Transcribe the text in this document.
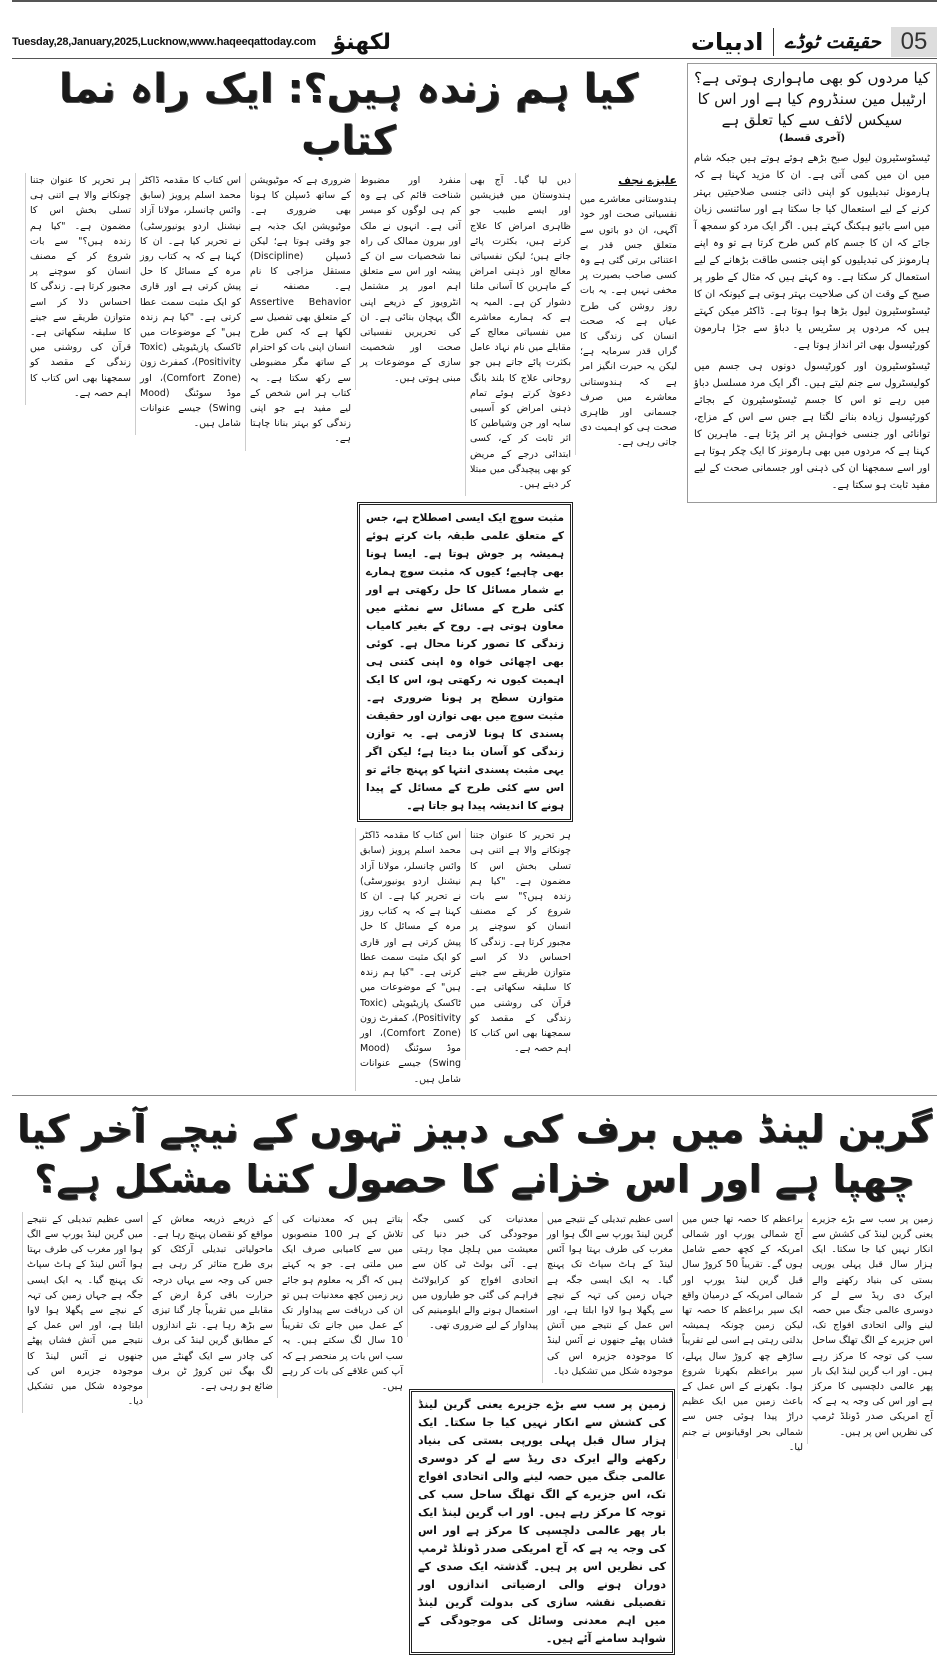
Tuesday,28,January,2025,Lucknow,www.haqeeqattoday.com لکھنؤ	ادبیات حقیقت ٹوڈے 05
کیا مردوں کو بھی ماہواری ہوتی ہے؟ ارٹیبل مین سنڈروم کیا ہے اور اس کا سیکس لائف سے کیا تعلق ہے
(آخری قسط)

ٹیسٹوسٹیرون لیول صبح بڑھے ہوئے ہوتے ہیں جبکہ شام میں ان میں کمی آتی ہے۔ ان کا مزید کہنا ہے کہ ہارمونل تبدیلیوں کو اپنی ذاتی جنسی صلاحیتیں بہتر کرنے کے لیے استعمال کیا جا سکتا ہے اور سائنسی زبان میں اسے بائیو ہیکنگ کہتے ہیں۔ اگر ایک مرد کو سمجھ آ جائے کہ ان کا جسم کام کس طرح کرتا ہے تو وہ اپنے ہارمونز کی تبدیلیوں کو اپنی جنسی طاقت بڑھانے کے لیے استعمال کر سکتا ہے۔ وہ کہتے ہیں کہ مثال کے طور پر صبح کے وقت ان کی صلاحیت بہتر ہوتی ہے کیونکہ ان کا ٹیسٹوسٹیرون لیول بڑھا ہوا ہوتا ہے۔ ڈاکٹر میکن کہتے ہیں کہ مردوں پر سٹریس یا دباؤ سے جڑا ہارمون کورٹیسول بھی اثر انداز ہوتا ہے۔

ٹیسٹوسٹیرون اور کورٹیسول دونوں ہی جسم میں کولیسٹرول سے جنم لیتے ہیں۔ اگر ایک مرد مسلسل دباؤ میں رہے تو اس کا جسم ٹیسٹوسٹیرون کے بجائے کورٹیسول زیادہ بنانے لگتا ہے جس سے اس کے مزاج، توانائی اور جنسی خواہش پر اثر پڑتا ہے۔ ماہرین کا کہنا ہے کہ مردوں میں بھی ہارمونز کا ایک چکر ہوتا ہے اور اسے سمجھنا ان کی ذہنی اور جسمانی صحت کے لیے مفید ثابت ہو سکتا ہے۔

کیا ہم زندہ ہیں؟: ایک راہ نما کتاب
علیزے نجف

ہندوستانی معاشرے میں نفسیاتی صحت اور خود آگہی، ان دو باتوں سے متعلق جس قدر بے اعتنائی برتی گئی ہے وہ کسی صاحب بصیرت پر مخفی نہیں ہے۔ یہ بات روز روشن کی طرح عیاں ہے کہ صحت انسان کی زندگی کا گراں قدر سرمایہ ہے؛ لیکن یہ حیرت انگیز امر ہے کہ ہندوستانی معاشرے میں صرف جسمانی اور ظاہری صحت ہی کو اہمیت دی جاتی رہی ہے۔

دیں لیا گیا۔ آج بھی ہندوستان میں فیزیشین اور ایسے طبیب جو ظاہری امراض کا علاج کرتے ہیں، بکثرت پائے جاتے ہیں؛ لیکن نفسیاتی معالج اور ذہنی امراض کے ماہرین کا آسانی ملنا دشوار کن ہے۔ المیہ یہ ہے کہ ہمارے معاشرے میں نفسیاتی معالج کے مقابلے میں نام نہاد عامل بکثرت پائے جاتے ہیں جو روحانی علاج کا بلند بانگ دعویٰ کرتے ہوئے تمام ذہنی امراض کو آسیبی سایہ اور جن وشیاطین کا اثر ثابت کر کے، کسی ابتدائی درجے کے مریض کو بھی پیچیدگی میں مبتلا کر دیتے ہیں۔

منفرد اور مضبوط شناخت قائم کی ہے وہ کم ہی لوگوں کو میسر آتی ہے۔ انہوں نے ملک اور بیرون ممالک کی راہ نما شخصیات سے ان کے پیشہ اور اس سے متعلق اہم امور پر مشتمل انٹرویوز کے ذریعے اپنی الگ پہچان بنائی ہے۔ ان کی تحریریں نفسیاتی صحت اور شخصیت سازی کے موضوعات پر مبنی ہوتی ہیں۔

مثبت سوچ ایک ایسی اصطلاح ہے، جس کے متعلق علمی طبقہ بات کرتے ہوئے ہمیشہ پر جوش ہوتا ہے۔ ایسا ہونا بھی چاہیے؛ کیوں کہ مثبت سوچ ہمارے بے شمار مسائل کا حل رکھتی ہے اور کئی طرح کے مسائل سے نمٹنے میں معاون ہوتی ہے۔ روح کے بغیر کامیاب زندگی کا تصور کرنا محال ہے۔ کوئی بھی اچھائی خواہ وہ اپنی کتنی ہی اہمیت کیوں نہ رکھتی ہو، اس کا ایک متوازن سطح پر ہونا ضروری ہے۔ مثبت سوچ میں بھی توازن اور حقیقت پسندی کا ہونا لازمی ہے۔ یہ توازن زندگی کو آسان بنا دیتا ہے؛ لیکن اگر یہی مثبت پسندی انتہا کو پہنچ جائے تو اس سے کئی طرح کے مسائل کے پیدا ہونے کا اندیشہ پیدا ہو جاتا ہے۔

ہر تحریر کا عنوان جتنا چونکانے والا ہے اتنی ہی تسلی بخش اس کا مضمون ہے۔ "کیا ہم زندہ ہیں؟" سے بات شروع کر کے مصنف انسان کو سوچنے پر مجبور کرتا ہے۔ زندگی کا احساس دلا کر اسے متوازن طریقے سے جینے کا سلیقہ سکھاتی ہے۔ قرآن کی روشنی میں زندگی کے مقصد کو سمجھنا بھی اس کتاب کا اہم حصہ ہے۔

اس کتاب کا مقدمہ ڈاکٹر محمد اسلم پرویز (سابق وائس چانسلر، مولانا آزاد نیشنل اردو یونیورسٹی) نے تحریر کیا ہے۔ ان کا کہنا ہے کہ یہ کتاب روز مرہ کے مسائل کا حل پیش کرتی ہے اور قاری کو ایک مثبت سمت عطا کرتی ہے۔ "کیا ہم زندہ ہیں" کے موضوعات میں ٹاکسک پازیٹیویٹی (Toxic Positivity)، کمفرٹ زون (Comfort Zone)، اور موڈ سوئنگ (Mood Swing) جیسے عنوانات شامل ہیں۔

ضروری ہے کہ موٹیویشن کے ساتھ ڈسپلن کا ہونا بھی ضروری ہے۔ موٹیویشن ایک جذبہ ہے جو وقتی ہوتا ہے؛ لیکن ڈسپلن (Discipline) مستقل مزاجی کا نام ہے۔ مصنفہ نے Assertive Behavior کے متعلق بھی تفصیل سے لکھا ہے کہ کس طرح انسان اپنی بات کو احترام کے ساتھ مگر مضبوطی سے رکھ سکتا ہے۔ یہ کتاب ہر اس شخص کے لیے مفید ہے جو اپنی زندگی کو بہتر بنانا چاہتا ہے۔

اس کتاب کا مقدمہ ڈاکٹر محمد اسلم پرویز (سابق وائس چانسلر، مولانا آزاد نیشنل اردو یونیورسٹی) نے تحریر کیا ہے۔ ان کا کہنا ہے کہ یہ کتاب روز مرہ کے مسائل کا حل پیش کرتی ہے اور قاری کو ایک مثبت سمت عطا کرتی ہے۔ "کیا ہم زندہ ہیں" کے موضوعات میں ٹاکسک پازیٹیویٹی (Toxic Positivity)، کمفرٹ زون (Comfort Zone)، اور موڈ سوئنگ (Mood Swing) جیسے عنوانات شامل ہیں۔

ہر تحریر کا عنوان جتنا چونکانے والا ہے اتنی ہی تسلی بخش اس کا مضمون ہے۔ "کیا ہم زندہ ہیں؟" سے بات شروع کر کے مصنف انسان کو سوچنے پر مجبور کرتا ہے۔ زندگی کا احساس دلا کر اسے متوازن طریقے سے جینے کا سلیقہ سکھاتی ہے۔ قرآن کی روشنی میں زندگی کے مقصد کو سمجھنا بھی اس کتاب کا اہم حصہ ہے۔

گرین لینڈ میں برف کی دبیز تہوں کے نیچے آخر کیا چھپا ہے اور اس خزانے کا حصول کتنا مشکل ہے؟

زمین پر سب سے بڑے جزیرے یعنی گرین لینڈ کی کشش سے انکار نہیں کیا جا سکتا۔ ایک ہزار سال قبل پہلی یورپی بستی کی بنیاد رکھنے والے ایرک دی ریڈ سے لے کر دوسری عالمی جنگ میں حصہ لینے والی اتحادی افواج تک، اس جزیرے کے الگ تھلگ ساحل سب کی توجہ کا مرکز رہے ہیں۔ اور اب گرین لینڈ ایک بار پھر عالمی دلچسپی کا مرکز ہے اور اس کی وجہ یہ ہے کہ آج امریکی صدر ڈونلڈ ٹرمپ کی نظریں اس پر ہیں۔

براعظم کا حصہ تھا جس میں آج شمالی یورپ اور شمالی امریکہ کے کچھ حصے شامل ہوں گے۔ تقریباً 50 کروڑ سال قبل گرین لینڈ یورپ اور شمالی امریکہ کے درمیان واقع ایک سپر براعظم کا حصہ تھا لیکن زمین چونکہ ہمیشہ بدلتی رہتی ہے اسی لیے تقریباً ساڑھے چھ کروڑ سال پہلے، سپر براعظم بکھرنا شروع ہوا۔ بکھرنے کے اس عمل کے باعث زمین میں ایک عظیم دراڑ پیدا ہوئی جس سے شمالی بحر اوقیانوس نے جنم لیا۔

اسی عظیم تبدیلی کے نتیجے میں گرین لینڈ یورپ سے الگ ہوا اور مغرب کی طرف بہتا ہوا آئس لینڈ کے ہاٹ سپاٹ تک پہنچ گیا۔ یہ ایک ایسی جگہ ہے جہاں زمین کی تہہ کے نیچے سے پگھلا ہوا لاوا ابلتا ہے، اور اس عمل کے نتیجے میں آتش فشاں پھٹے جنھوں نے آئس لینڈ کا موجودہ جزیرہ اس کی موجودہ شکل میں تشکیل دیا۔

معدنیات کی کسی جگہ موجودگی کی خبر دنیا کی معیشت میں ہلچل مچا رہتی ہے۔ آئی بولٹ ٹی کان سے اتحادی افواج کو کرایولائٹ فراہم کی گئی جو طیاروں میں استعمال ہونے والے ایلومینیم کی پیداوار کے لیے ضروری تھی۔

زمین پر سب سے بڑے جزیرے یعنی گرین لینڈ کی کشش سے انکار نہیں کیا جا سکتا۔ ایک ہزار سال قبل پہلی یورپی بستی کی بنیاد رکھنے والے ایرک دی ریڈ سے لے کر دوسری عالمی جنگ میں حصہ لینے والی اتحادی افواج تک، اس جزیرے کے الگ تھلگ ساحل سب کی توجہ کا مرکز رہے ہیں۔ اور اب گرین لینڈ ایک بار پھر عالمی دلچسپی کا مرکز ہے اور اس کی وجہ یہ ہے کہ آج امریکی صدر ڈونلڈ ٹرمپ کی نظریں اس پر ہیں۔ گذشتہ ایک صدی کے دوران ہونے والی ارضیاتی اندازوں اور تفصیلی نقشہ سازی کی بدولت گرین لینڈ میں اہم معدنی وسائل کی موجودگی کے شواہد سامنے آئے ہیں۔

بتاتے ہیں کہ معدنیات کی تلاش کے ہر 100 منصوبوں میں سے کامیابی صرف ایک میں ملتی ہے۔ جو یہ کہتے ہیں کہ اگر یہ معلوم ہو جائے زیر زمین کچھ معدنیات ہیں تو ان کی دریافت سے پیداوار تک کے عمل میں جانے تک تقریباً 10 سال لگ سکتے ہیں۔ یہ سب اس بات پر منحصر ہے کہ آپ کس علاقے کی بات کر رہے ہیں۔

کے ذریعے ذریعہ معاش کے مواقع کو نقصان پہنچ رہا ہے۔ ماحولیاتی تبدیلی آرکٹک کو بری طرح متاثر کر رہی ہے جس کی وجہ سے یہاں درجہ حرارت باقی کرۂ ارض کے مقابلے میں تقریباً چار گنا تیزی سے بڑھ رہا ہے۔ نئے اندازوں کے مطابق گرین لینڈ کی برف کی چادر سے ایک گھنٹے میں لگ بھگ تین کروڑ ٹن برف ضائع ہو رہی ہے۔

اسی عظیم تبدیلی کے نتیجے میں گرین لینڈ یورپ سے الگ ہوا اور مغرب کی طرف بہتا ہوا آئس لینڈ کے ہاٹ سپاٹ تک پہنچ گیا۔ یہ ایک ایسی جگہ ہے جہاں زمین کی تہہ کے نیچے سے پگھلا ہوا لاوا ابلتا ہے، اور اس عمل کے نتیجے میں آتش فشاں پھٹے جنھوں نے آئس لینڈ کا موجودہ جزیرہ اس کی موجودہ شکل میں تشکیل دیا۔
